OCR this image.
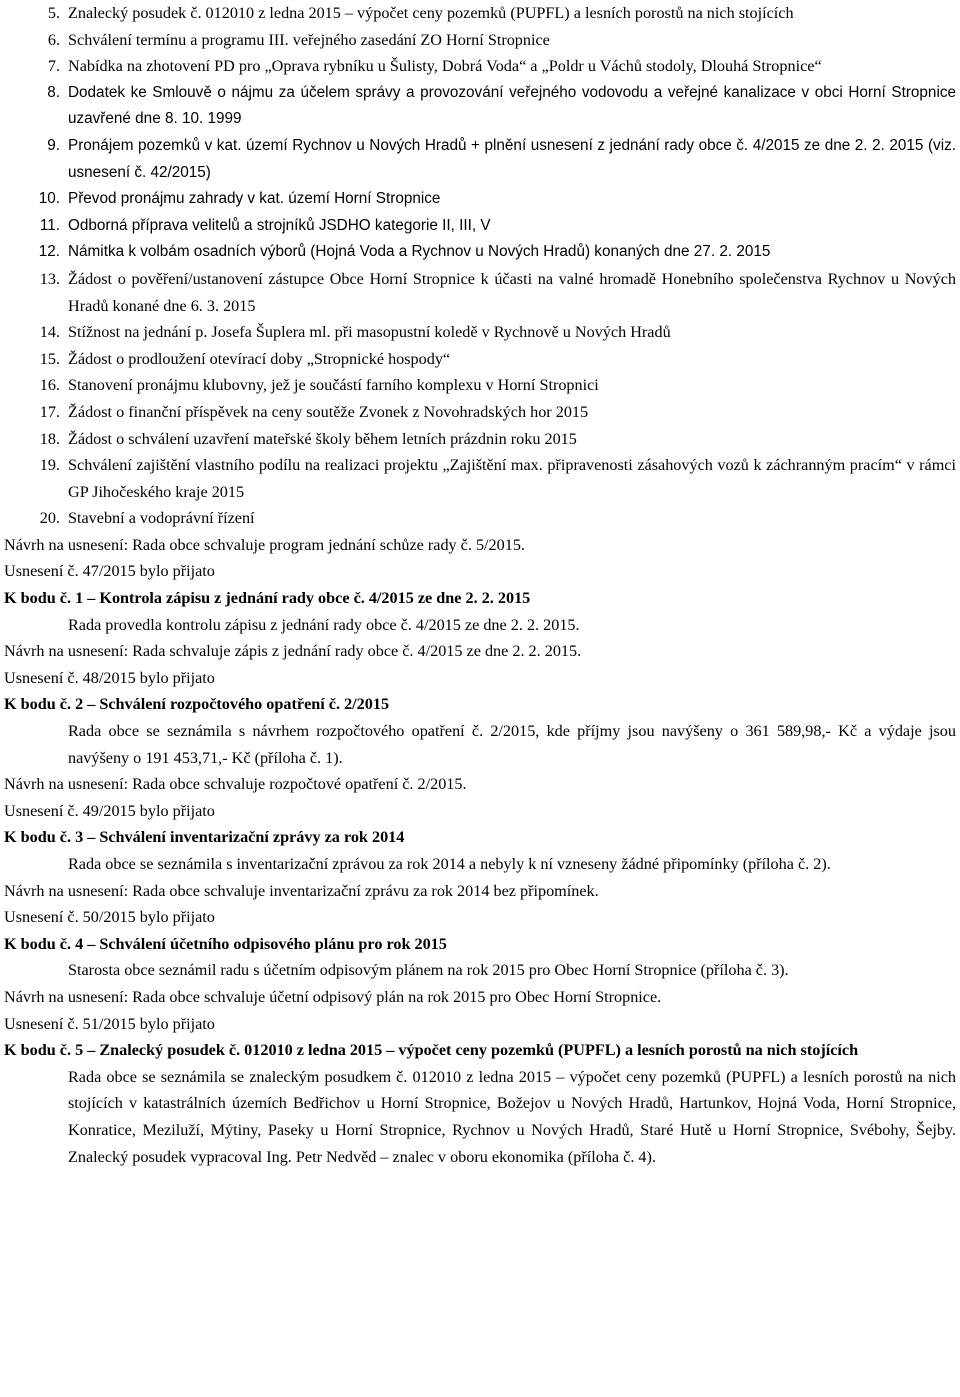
5. Znalecký posudek č. 012010 z ledna 2015 – výpočet ceny pozemků (PUPFL) a lesních porostů na nich stojících
6. Schválení termínu a programu III. veřejného zasedání ZO Horní Stropnice
7. Nabídka na zhotovení PD pro „Oprava rybníku u Šulisty, Dobrá Voda“ a „Poldr u Váchů stodoly, Dlouhá Stropnice“
8. Dodatek ke Smlouvě o nájmu za účelem správy a provozování veřejného vodovodu a veřejné kanalizace v obci Horní Stropnice uzavřené dne 8. 10. 1999
9. Pronájem pozemků v kat. území Rychnov u Nových Hradů + plnění usnesení z jednání rady obce č. 4/2015 ze dne 2. 2. 2015 (viz. usnesení č. 42/2015)
10. Převod pronájmu zahrady v kat. území Horní Stropnice
11. Odborná příprava velitelů a strojníků JSDHO kategorie II, III, V
12. Námitka k volbám osadních výborů (Hojná Voda a Rychnov u Nových Hradů) konaných dne 27. 2. 2015
13. Žádost o pověření/ustanovení zástupce Obce Horní Stropnice k účasti na valné hromadě Honebního společenstva Rychnov u Nových Hradů konané dne 6. 3. 2015
14. Stížnost na jednání p. Josefa Šuplera ml. při masopustní koledě v Rychnově u Nových Hradů
15. Žádost o prodloužení otevírací doby „Stropnické hospody“
16. Stanovení pronájmu klubovny, jež je součástí farního komplexu v Horní Stropnici
17. Žádost o finanční příspěvek na ceny soutěže Zvonek z Novohradských hor 2015
18. Žádost o schválení uzavření mateřské školy během letních prázdnin roku 2015
19. Schválení zajištění vlastního podílu na realizaci projektu „Zajištění max. připravenosti zásahových vozů k záchranným pracím“ v rámci GP Jihočeského kraje 2015
20. Stavební a vodoprávní řízení

Návrh na usnesení: Rada obce schvaluje program jednání schůze rady č. 5/2015.

Usnesení č. 47/2015 bylo přijato

K bodu č. 1 – Kontrola zápisu z jednání rady obce č. 4/2015 ze dne 2. 2. 2015

Rada provedla kontrolu zápisu z jednání rady obce č. 4/2015 ze dne 2. 2. 2015.

Návrh na usnesení: Rada schvaluje zápis z jednání rady obce č. 4/2015 ze dne 2. 2. 2015.

Usnesení č. 48/2015 bylo přijato

K bodu č. 2 – Schválení rozpočtového opatření č. 2/2015

Rada obce se seznámila s návrhem rozpočtového opatření č. 2/2015, kde příjmy jsou navýšeny o 361 589,98,- Kč a výdaje jsou navýšeny o 191 453,71,- Kč (příloha č. 1).

Návrh na usnesení: Rada obce schvaluje rozpočtové opatření č. 2/2015.

Usnesení č. 49/2015 bylo přijato

K bodu č. 3 – Schválení inventarizační zprávy za rok 2014

Rada obce se seznámila s inventarizační zprávou za rok 2014 a nebyly k ní vzneseny žádné připomínky (příloha č. 2).

Návrh na usnesení: Rada obce schvaluje inventarizační zprávu za rok 2014 bez připomínek.

Usnesení č. 50/2015 bylo přijato

K bodu č. 4 – Schválení účetního odpisového plánu pro rok 2015

Starosta obce seznámil radu s účetním odpisovým plánem na rok 2015 pro Obec Horní Stropnice (příloha č. 3).

Návrh na usnesení: Rada obce schvaluje účetní odpisový plán na rok 2015 pro Obec Horní Stropnice.

Usnesení č. 51/2015 bylo přijato

K bodu č. 5 – Znalecký posudek č. 012010 z ledna 2015 – výpočet ceny pozemků (PUPFL) a lesních porostů na nich stojících

Rada obce se seznámila se znaleckým posudkem č. 012010 z ledna 2015 – výpočet ceny pozemků (PUPFL) a lesních porostů na nich stojících v katastrálních územích Bedřichov u Horní Stropnice, Božejov u Nových Hradů, Hartunkov, Hojná Voda, Horní Stropnice, Konratice, Meziluží, Mýtiny, Paseky u Horní Stropnice, Rychnov u Nových Hradů, Staré Hutě u Horní Stropnice, Svébohy, Šejby. Znalecký posudek vypracoval Ing. Petr Nedvěd – znalec v oboru ekonomika (příloha č. 4).
